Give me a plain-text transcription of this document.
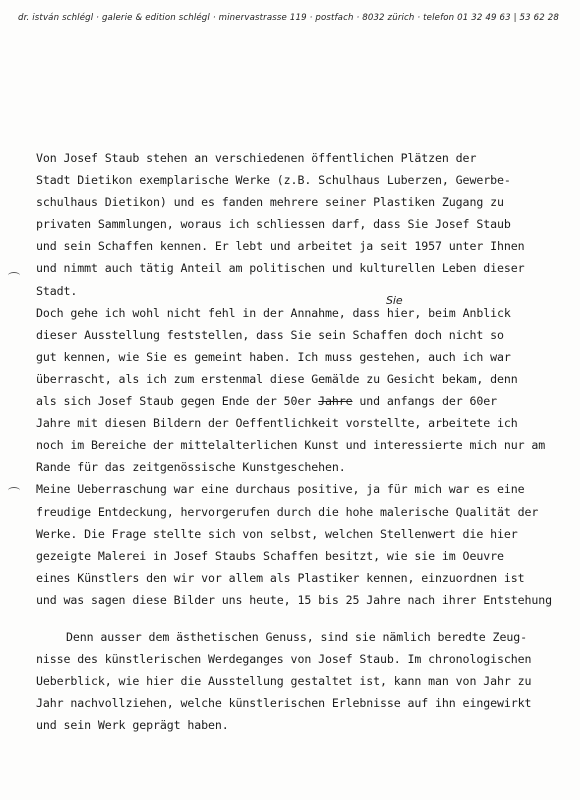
dr. istván schlégl · galerie & edition schlégl · minervastrasse 119 · postfach · 8032 zürich · telefon 01 32 49 63 | 53 62 28
Von Josef Staub stehen an verschiedenen öffentlichen Plätzen der
Stadt Dietikon exemplarische Werke (z.B. Schulhaus Luberzen, Gewerbe-
schulhaus Dietikon) und es fanden mehrere seiner Plastiken Zugang zu
privaten Sammlungen, woraus ich schliessen darf, dass Sie Josef Staub
und sein Schaffen kennen. Er lebt und arbeitet ja seit 1957 unter Ihnen
und nimmt auch tätig Anteil am politischen und kulturellen Leben dieser
Stadt.
Doch gehe ich wohl nicht fehl in der Annahme, dass hier, beim Anblick
Sie
dieser Ausstellung feststellen, dass Sie sein Schaffen doch nicht so
gut kennen, wie Sie es gemeint haben. Ich muss gestehen, auch ich war
überrascht, als ich zum erstenmal diese Gemälde zu Gesicht bekam, denn
als sich Josef Staub gegen Ende der 50er Jahre und anfangs der 60er
Jahre mit diesen Bildern der Oeffentlichkeit vorstellte, arbeitete ich
noch im Bereiche der mittelalterlichen Kunst und interessierte mich nur am
Rande für das zeitgenössische Kunstgeschehen.
Meine Ueberraschung war eine durchaus positive, ja für mich war es eine
freudige Entdeckung, hervorgerufen durch die hohe malerische Qualität der
Werke. Die Frage stellte sich von selbst, welchen Stellenwert die hier
gezeigte Malerei in Josef Staubs Schaffen besitzt, wie sie im Oeuvre
eines Künstlers den wir vor allem als Plastiker kennen, einzuordnen ist
und was sagen diese Bilder uns heute, 15 bis 25 Jahre nach ihrer Entstehung
Denn ausser dem ästhetischen Genuss, sind sie nämlich beredte Zeug-
nisse des künstlerischen Werdeganges von Josef Staub. Im chronologischen
Ueberblick, wie hier die Ausstellung gestaltet ist, kann man von Jahr zu
Jahr nachvollziehen, welche künstlerischen Erlebnisse auf ihn eingewirkt
und sein Werk geprägt haben.
